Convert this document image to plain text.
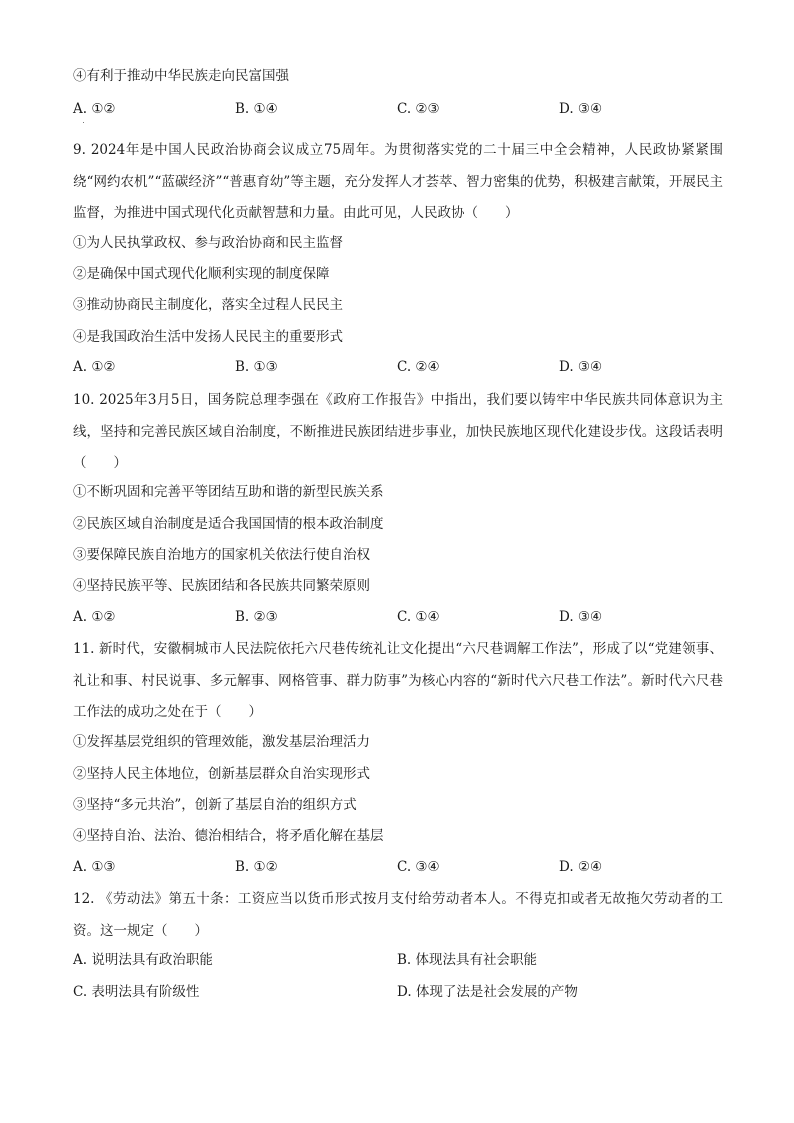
④有利于推动中华民族走向民富国强
A. ①②	B. ①④	C. ②③	D. ③④
9. 2024年是中国人民政治协商会议成立75周年。为贯彻落实党的二十届三中全会精神，人民政协紧紧围绕“网约农机”“蓝碳经济”“普惠育幼”等主题，充分发挥人才荟萃、智力密集的优势，积极建言献策，开展民主监督，为推进中国式现代化贡献智慧和力量。由此可见，人民政协（　　）
①为人民执掌政权、参与政治协商和民主监督
②是确保中国式现代化顺利实现的制度保障
③推动协商民主制度化，落实全过程人民民主
④是我国政治生活中发扬人民民主的重要形式
A. ①②	B. ①③	C. ②④	D. ③④
10. 2025年3月5日，国务院总理李强在《政府工作报告》中指出，我们要以铸牢中华民族共同体意识为主线，坚持和完善民族区域自治制度，不断推进民族团结进步事业，加快民族地区现代化建设步伐。这段话表明（　　）
①不断巩固和完善平等团结互助和谐的新型民族关系
②民族区域自治制度是适合我国国情的根本政治制度
③要保障民族自治地方的国家机关依法行使自治权
④坚持民族平等、民族团结和各民族共同繁荣原则
A. ①②	B. ②③	C. ①④	D. ③④
11. 新时代，安徽桐城市人民法院依托六尺巷传统礼让文化提出“六尺巷调解工作法”，形成了以“党建领事、礼让和事、村民说事、多元解事、网格管事、群力防事”为核心内容的“新时代六尺巷工作法”。新时代六尺巷工作法的成功之处在于（　　）
①发挥基层党组织的管理效能，激发基层治理活力
②坚持人民主体地位，创新基层群众自治实现形式
③坚持“多元共治”，创新了基层自治的组织方式
④坚持自治、法治、德治相结合，将矛盾化解在基层
A. ①③	B. ①②	C. ③④	D. ②④
12. 《劳动法》第五十条：工资应当以货币形式按月支付给劳动者本人。不得克扣或者无故拖欠劳动者的工资。这一规定（　　）
A. 说明法具有政治职能	B. 体现法具有社会职能
C. 表明法具有阶级性	D. 体现了法是社会发展的产物
